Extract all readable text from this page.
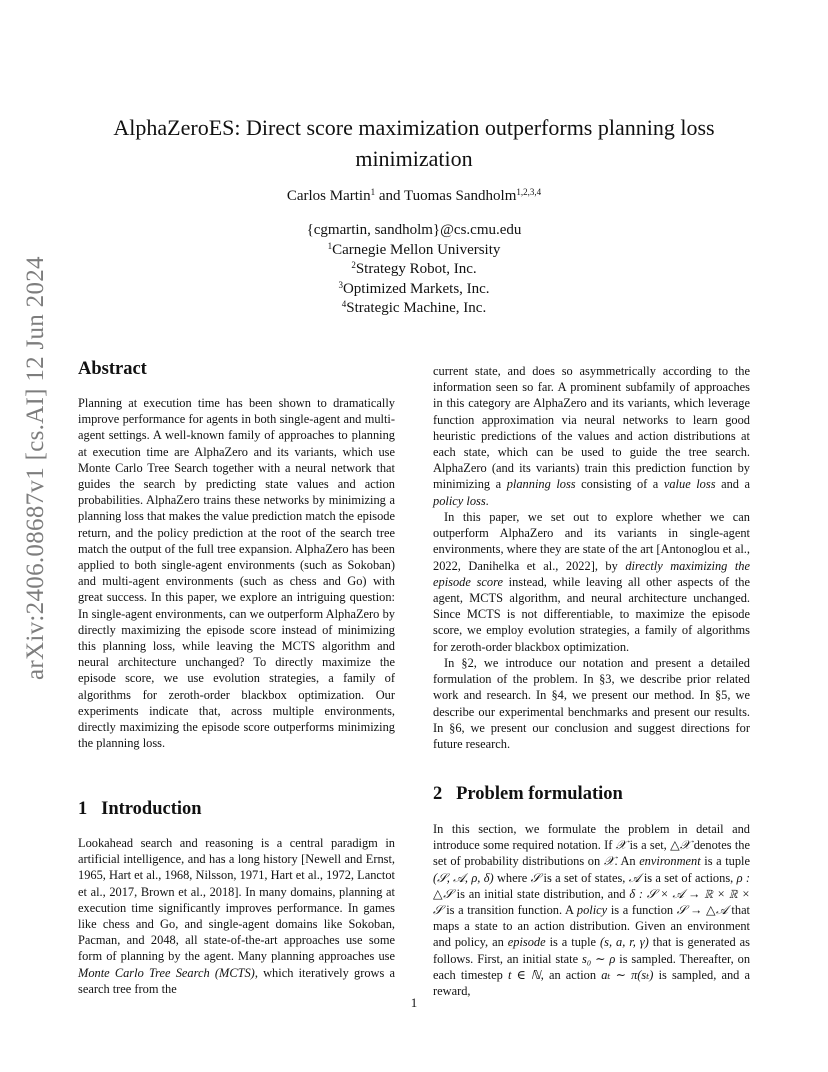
arXiv:2406.08687v1 [cs.AI] 12 Jun 2024
AlphaZeroES: Direct score maximization outperforms planning loss minimization
Carlos Martin$^1$ and Tuomas Sandholm$^{1,2,3,4}$
{cgmartin, sandholm}@cs.cmu.edu
$^1$Carnegie Mellon University
$^2$Strategy Robot, Inc.
$^3$Optimized Markets, Inc.
$^4$Strategic Machine, Inc.
Abstract

Planning at execution time has been shown to dramatically improve performance for agents in both single-agent and multi-agent settings. A well-known family of approaches to planning at execution time are AlphaZero and its variants, which use Monte Carlo Tree Search together with a neural network that guides the search by predicting state values and action probabilities. AlphaZero trains these networks by minimizing a planning loss that makes the value prediction match the episode return, and the policy prediction at the root of the search tree match the output of the full tree expansion. AlphaZero has been applied to both single-agent environments (such as Sokoban) and multi-agent environments (such as chess and Go) with great success. In this paper, we explore an intriguing question: In single-agent environments, can we outperform AlphaZero by directly maximizing the episode score instead of minimizing this planning loss, while leaving the MCTS algorithm and neural architecture unchanged? To directly maximize the episode score, we use evolution strategies, a family of algorithms for zeroth-order blackbox optimization. Our experiments indicate that, across multiple environments, directly maximizing the episode score outperforms minimizing the planning loss.

1 Introduction

Lookahead search and reasoning is a central paradigm in artificial intelligence, and has a long history [Newell and Ernst, 1965, Hart et al., 1968, Nilsson, 1971, Hart et al., 1972, Lanctot et al., 2017, Brown et al., 2018]. In many domains, planning at execution time significantly improves performance. In games like chess and Go, and single-agent domains like Sokoban, Pacman, and 2048, all state-of-the-art approaches use some form of planning by the agent. Many planning approaches use Monte Carlo Tree Search (MCTS), which iteratively grows a search tree from the

current state, and does so asymmetrically according to the information seen so far. A prominent subfamily of approaches in this category are AlphaZero and its variants, which leverage function approximation via neural networks to learn good heuristic predictions of the values and action distributions at each state, which can be used to guide the tree search. AlphaZero (and its variants) train this prediction function by minimizing a planning loss consisting of a value loss and a policy loss.

In this paper, we set out to explore whether we can outperform AlphaZero and its variants in single-agent environments, where they are state of the art [Antonoglou et al., 2022, Danihelka et al., 2022], by directly maximizing the episode score instead, while leaving all other aspects of the agent, MCTS algorithm, and neural architecture unchanged. Since MCTS is not differentiable, to maximize the episode score, we employ evolution strategies, a family of algorithms for zeroth-order blackbox optimization.

In §2, we introduce our notation and present a detailed formulation of the problem. In §3, we describe prior related work and research. In §4, we present our method. In §5, we describe our experimental benchmarks and present our results. In §6, we present our conclusion and suggest directions for future research.

2 Problem formulation

In this section, we formulate the problem in detail and introduce some required notation. If 𝒳 is a set, △𝒳 denotes the set of probability distributions on 𝒳. An environment is a tuple (𝒮, 𝒜, ρ, δ) where 𝒮 is a set of states, 𝒜 is a set of actions, ρ : △𝒮 is an initial state distribution, and δ : 𝒮 × 𝒜 → ℝ × ℝ × 𝒮 is a transition function. A policy is a function 𝒮 → △𝒜 that maps a state to an action distribution. Given an environment and policy, an episode is a tuple (s, a, r, γ) that is generated as follows. First, an initial state s₀ ∼ ρ is sampled. Thereafter, on each timestep t ∈ ℕ, an action aₜ ∼ π(sₜ) is sampled, and a reward,

1
